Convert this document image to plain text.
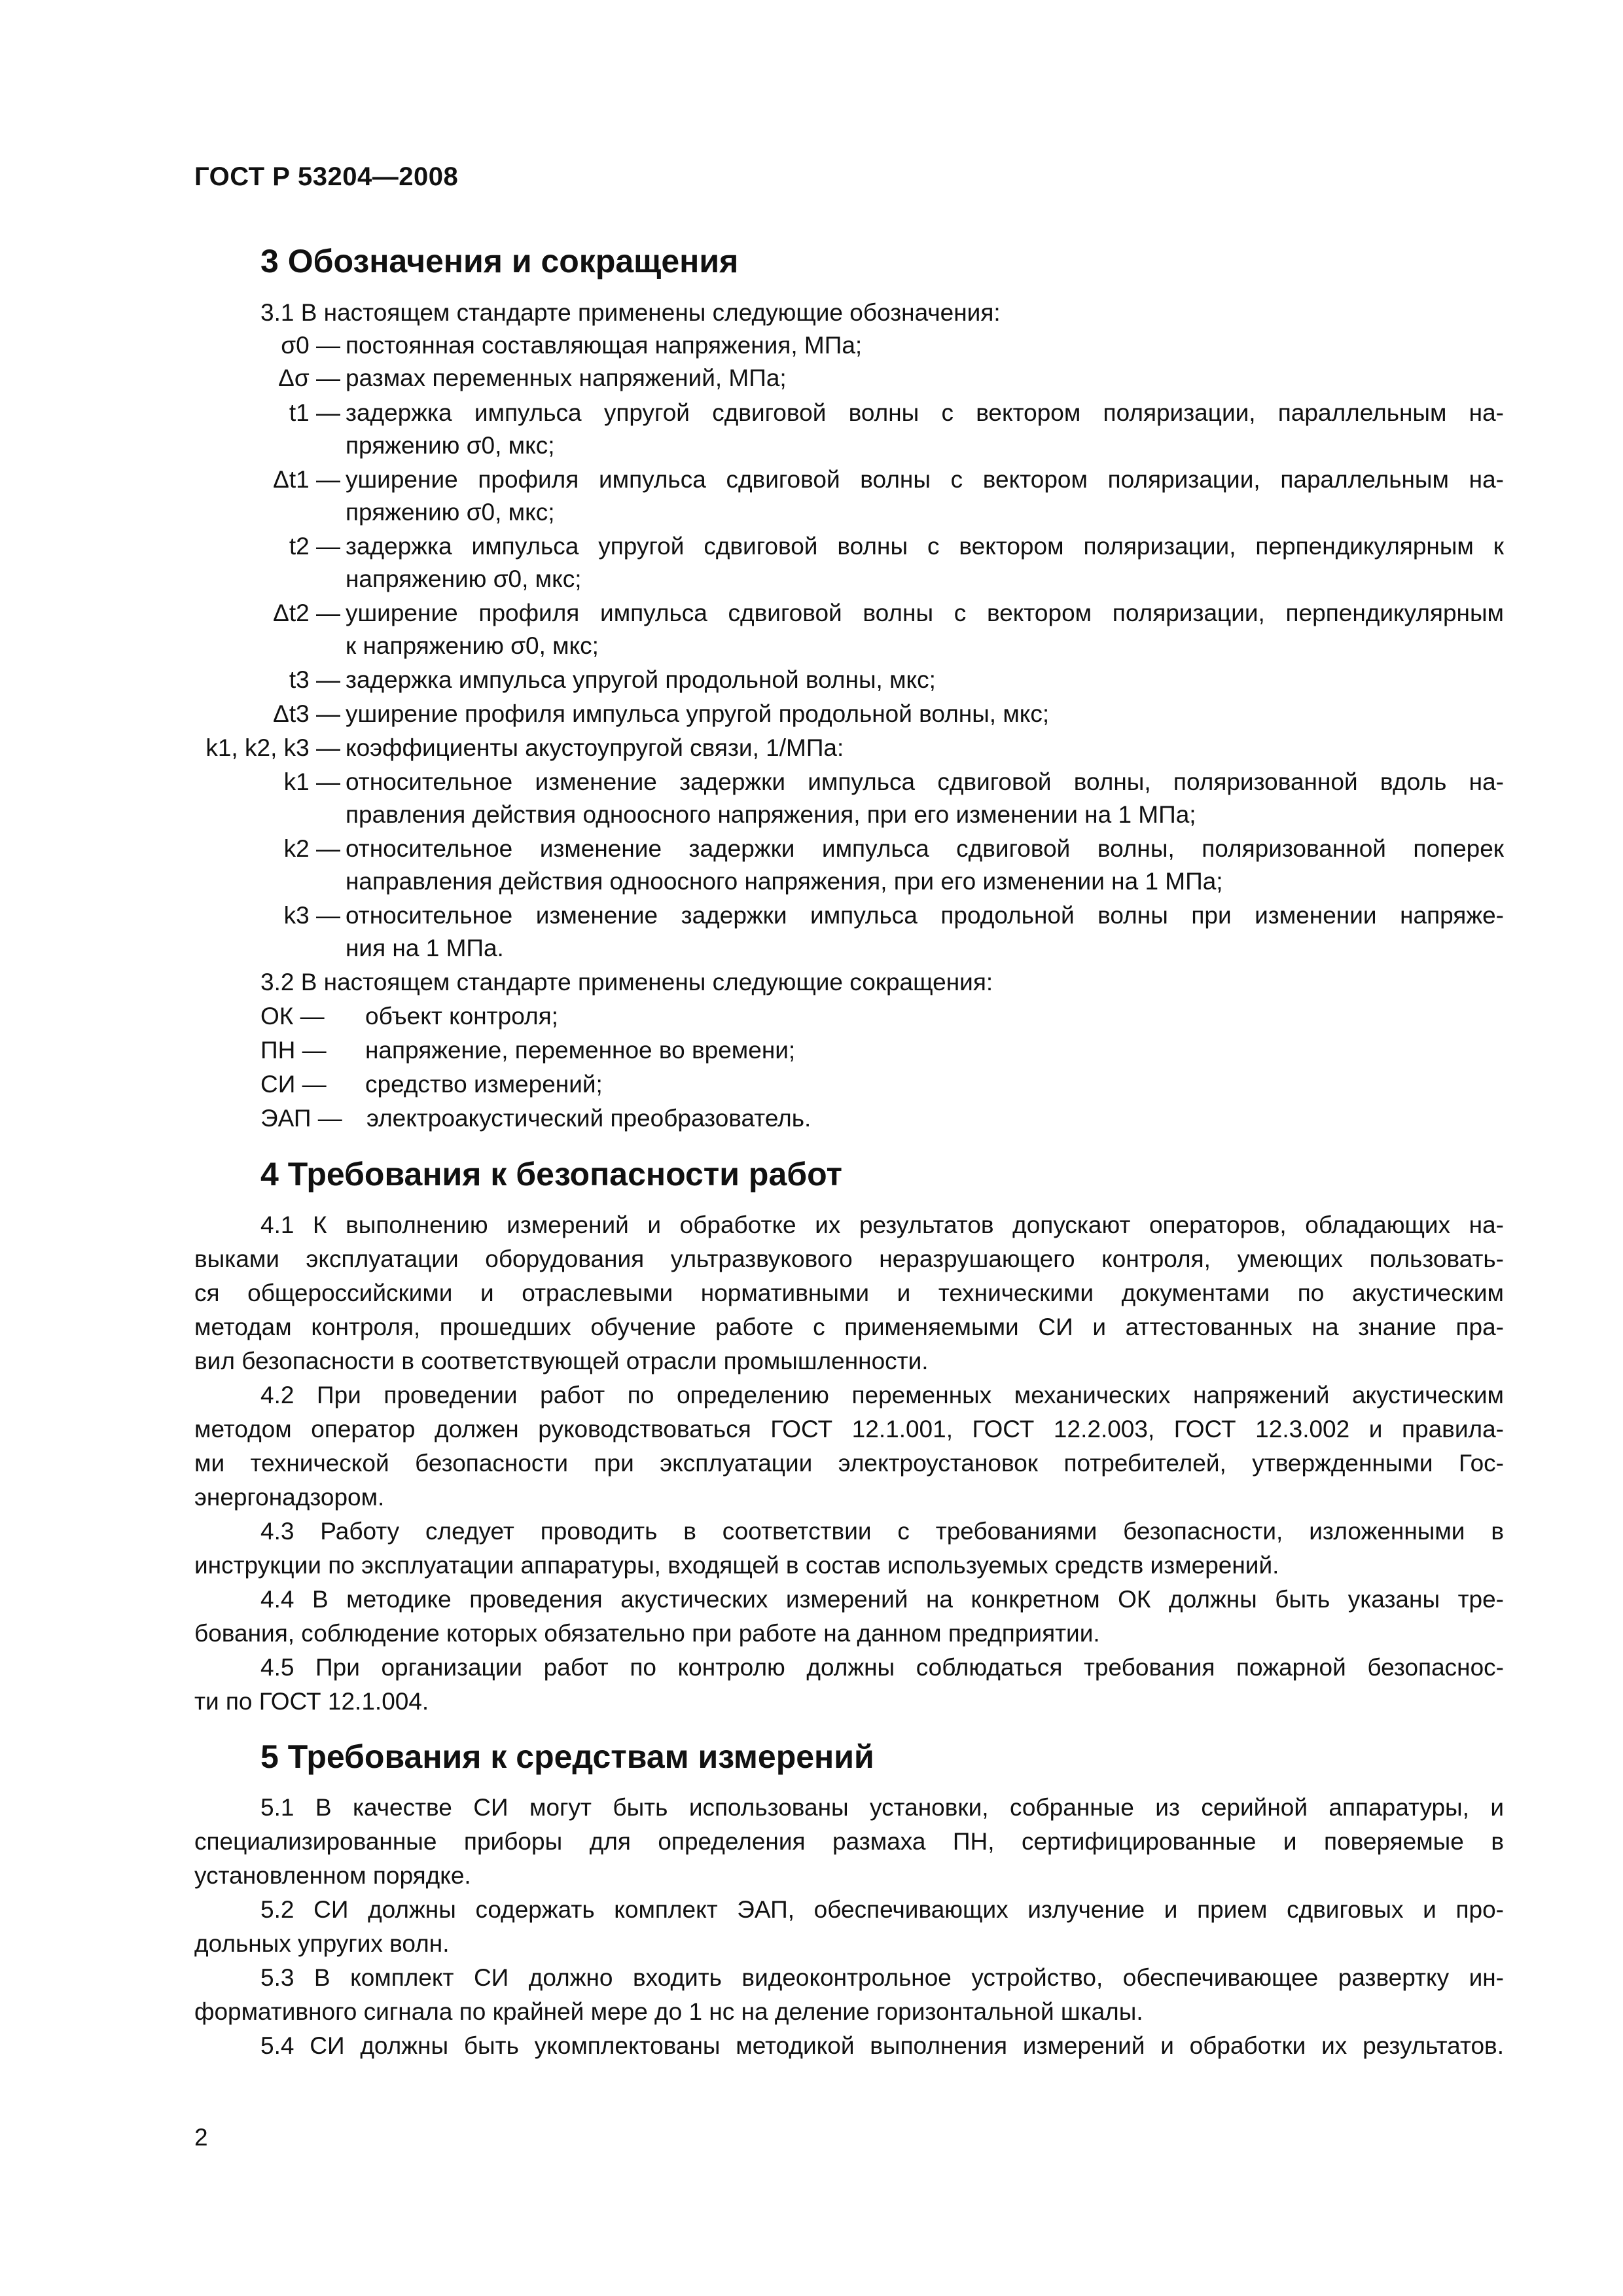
ГОСТ Р 53204—2008
3 Обозначения и сокращения
3.1 В настоящем стандарте применены следующие обозначения:
σ0 — постоянная составляющая напряжения, МПа;
Δσ — размах переменных напряжений, МПа;
t1 — задержка импульса упругой сдвиговой волны с вектором поляризации, параллельным на-
пряжению σ0, мкс;
Δt1 — уширение профиля импульса сдвиговой волны с вектором поляризации, параллельным на-
пряжению σ0, мкс;
t2 — задержка импульса упругой сдвиговой волны с вектором поляризации, перпендикулярным к
напряжению σ0, мкс;
Δt2 — уширение профиля импульса сдвиговой волны с вектором поляризации, перпендикулярным
к напряжению σ0, мкс;
t3 — задержка импульса упругой продольной волны, мкс;
Δt3 — уширение профиля импульса упругой продольной волны, мкс;
k1, k2, k3 — коэффициенты акустоупругой связи, 1/МПа:
k1 — относительное изменение задержки импульса сдвиговой волны, поляризованной вдоль на-
правления действия одноосного напряжения, при его изменении на 1 МПа;
k2 — относительное изменение задержки импульса сдвиговой волны, поляризованной поперек
направления действия одноосного напряжения, при его изменении на 1 МПа;
k3 — относительное изменение задержки импульса продольной волны при изменении напряже-
ния на 1 МПа.
3.2 В настоящем стандарте применены следующие сокращения:
ОК — объект контроля;
ПН — напряжение, переменное во времени;
СИ — средство измерений;
ЭАП — электроакустический преобразователь.
4 Требования к безопасности работ
4.1 К выполнению измерений и обработке их результатов допускают операторов, обладающих на-
выками эксплуатации оборудования ультразвукового неразрушающего контроля, умеющих пользовать-
ся общероссийскими и отраслевыми нормативными и техническими документами по акустическим
методам контроля, прошедших обучение работе с применяемыми СИ и аттестованных на знание пра-
вил безопасности в соответствующей отрасли промышленности.
4.2 При проведении работ по определению переменных механических напряжений акустическим
методом оператор должен руководствоваться ГОСТ 12.1.001, ГОСТ 12.2.003, ГОСТ 12.3.002 и правила-
ми технической безопасности при эксплуатации электроустановок потребителей, утвержденными Гос-
энергонадзором.
4.3 Работу следует проводить в соответствии с требованиями безопасности, изложенными в
инструкции по эксплуатации аппаратуры, входящей в состав используемых средств измерений.
4.4 В методике проведения акустических измерений на конкретном ОК должны быть указаны тре-
бования, соблюдение которых обязательно при работе на данном предприятии.
4.5 При организации работ по контролю должны соблюдаться требования пожарной безопаснос-
ти по ГОСТ 12.1.004.
5 Требования к средствам измерений
5.1 В качестве СИ могут быть использованы установки, собранные из серийной аппаратуры, и
специализированные приборы для определения размаха ПН, сертифицированные и поверяемые в
установленном порядке.
5.2 СИ должны содержать комплект ЭАП, обеспечивающих излучение и прием сдвиговых и про-
дольных упругих волн.
5.3 В комплект СИ должно входить видеоконтрольное устройство, обеспечивающее развертку ин-
формативного сигнала по крайней мере до 1 нс на деление горизонтальной шкалы.
5.4 СИ должны быть укомплектованы методикой выполнения измерений и обработки их результатов.
2
